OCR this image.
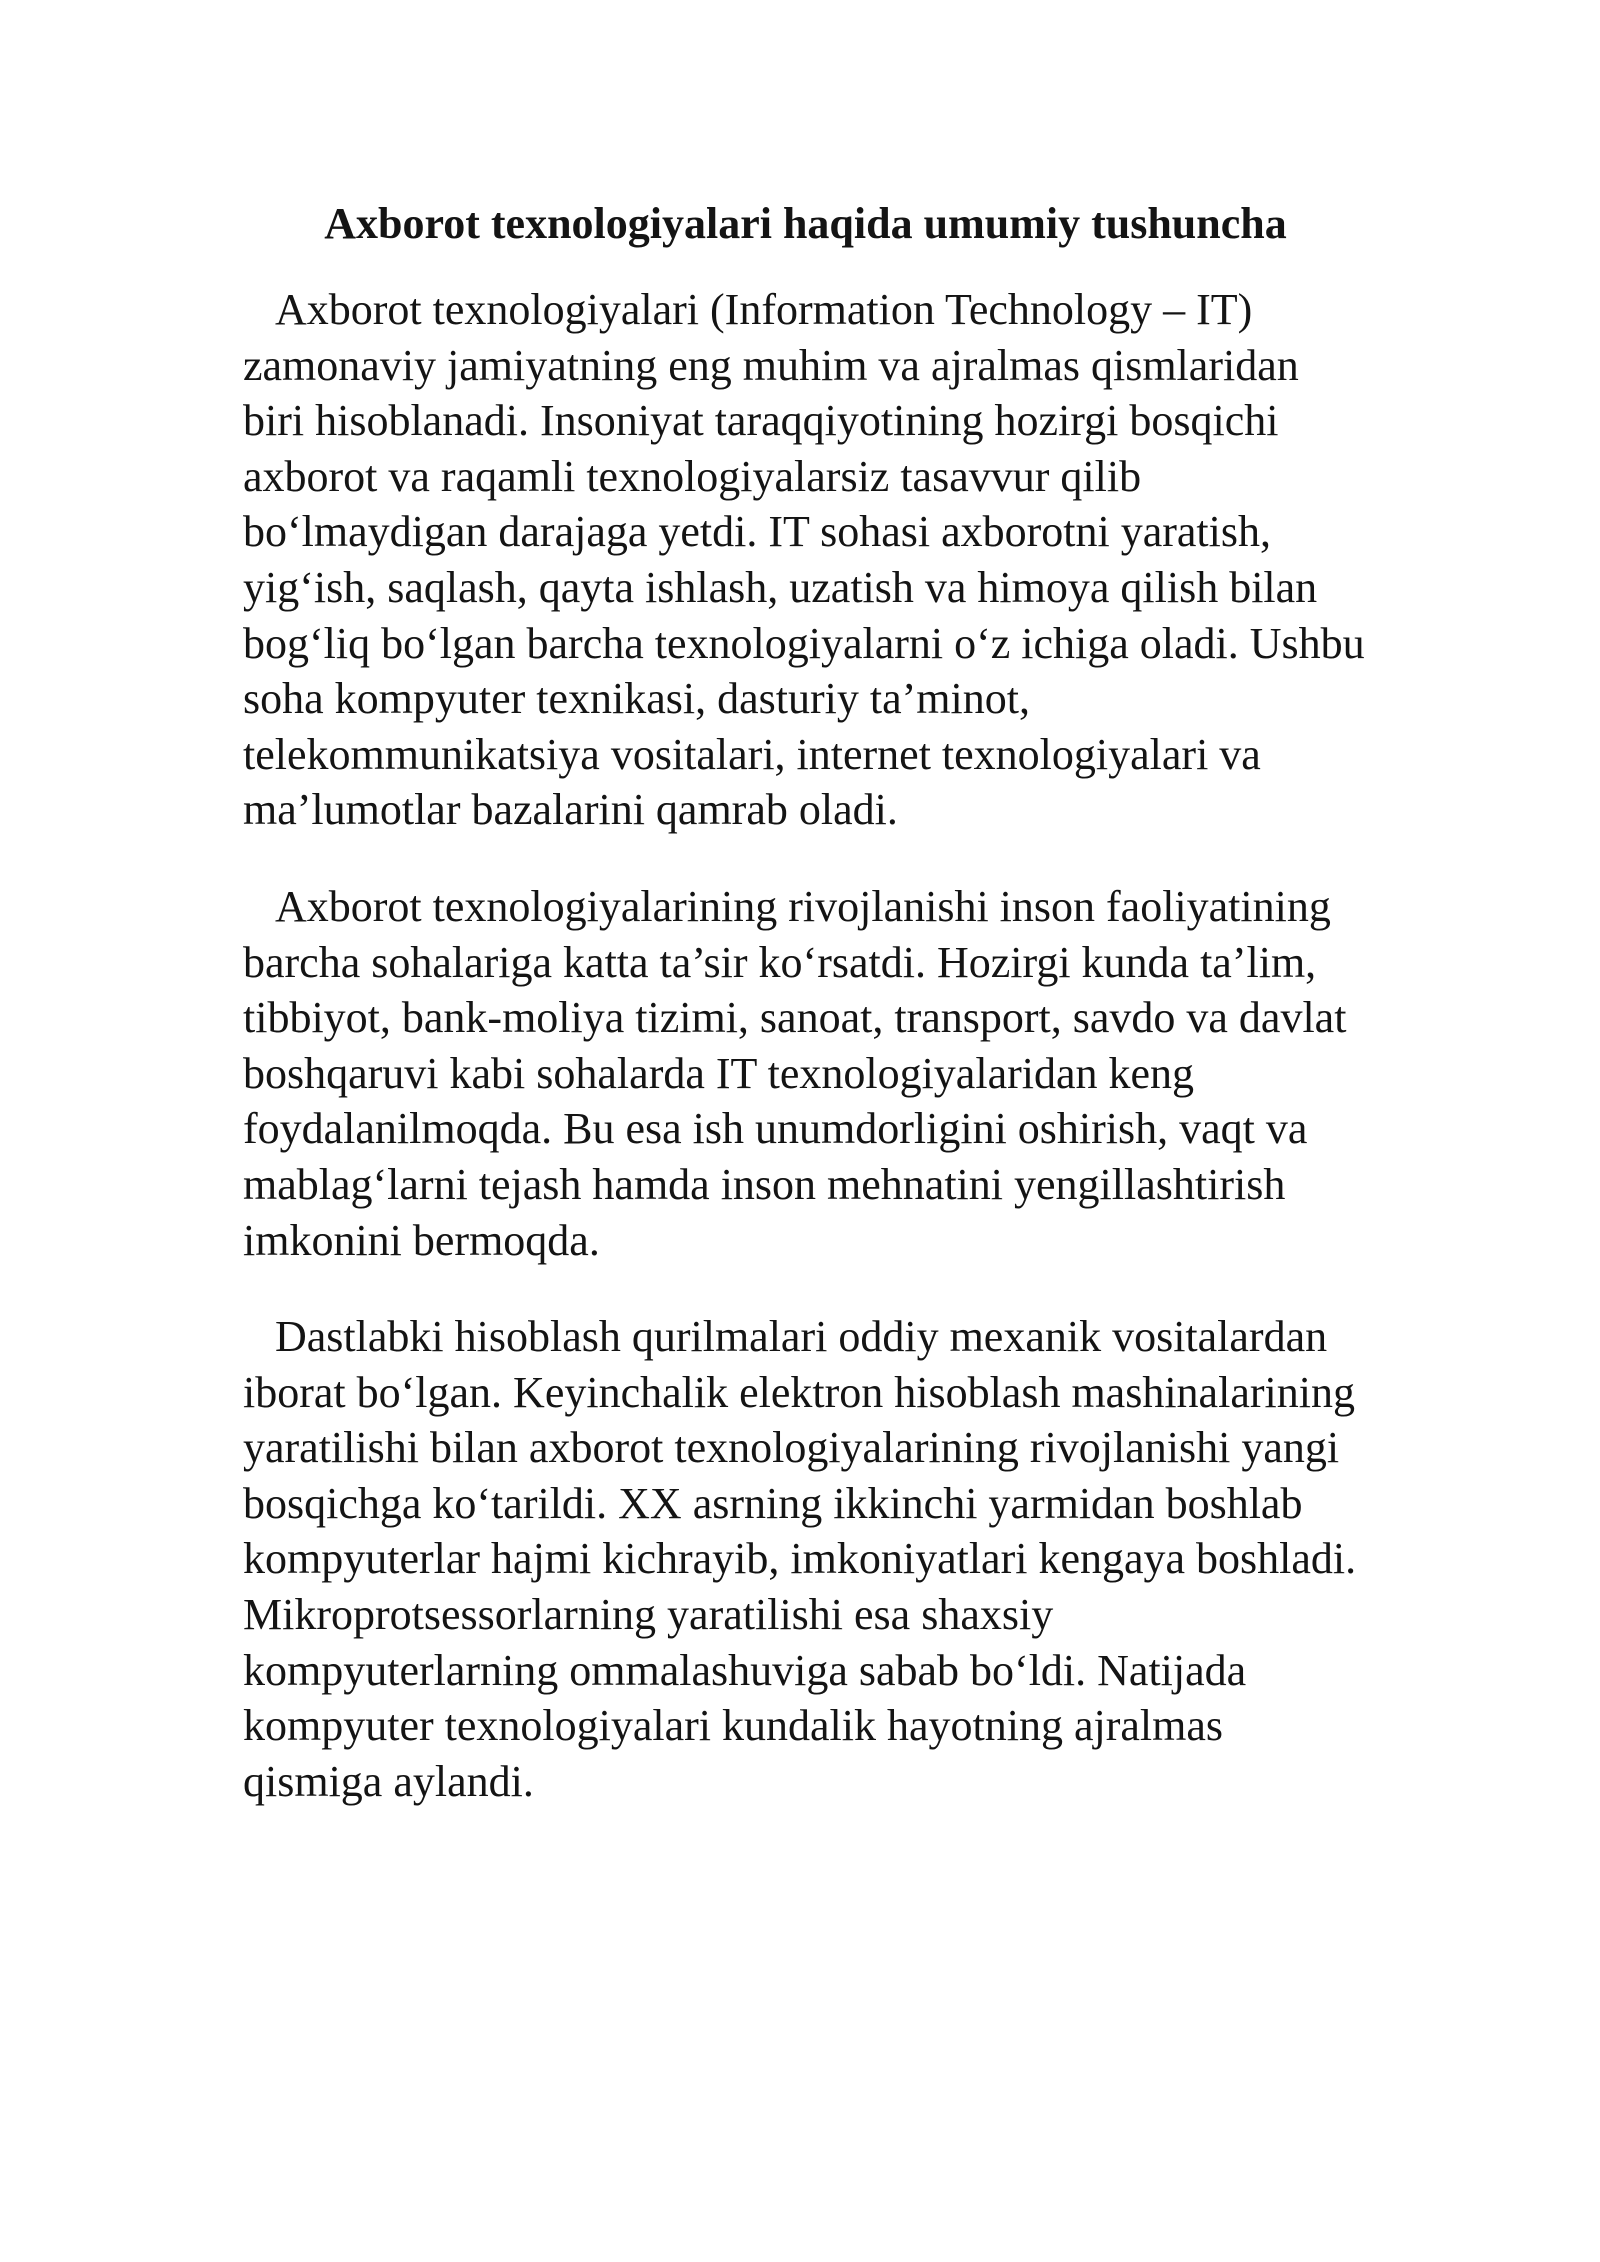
Axborot texnologiyalari haqida umumiy tushuncha

Axborot texnologiyalari (Information Technology – IT) zamonaviy jamiyatning eng muhim va ajralmas qismlaridan biri hisoblanadi. Insoniyat taraqqiyotining hozirgi bosqichi axborot va raqamli texnologiyalarsiz tasavvur qilib bo‘lmaydigan darajaga yetdi. IT sohasi axborotni yaratish, yig‘ish, saqlash, qayta ishlash, uzatish va himoya qilish bilan bog‘liq bo‘lgan barcha texnologiyalarni o‘z ichiga oladi. Ushbu soha kompyuter texnikasi, dasturiy ta’minot, telekommunikatsiya vositalari, internet texnologiyalari va ma’lumotlar bazalarini qamrab oladi.

Axborot texnologiyalarining rivojlanishi inson faoliyatining barcha sohalariga katta ta’sir ko‘rsatdi. Hozirgi kunda ta’lim, tibbiyot, bank-moliya tizimi, sanoat, transport, savdo va davlat boshqaruvi kabi sohalarda IT texnologiyalaridan keng foydalanilmoqda. Bu esa ish unumdorligini oshirish, vaqt va mablag‘larni tejash hamda inson mehnatini yengillashtirish imkonini bermoqda.

Dastlabki hisoblash qurilmalari oddiy mexanik vositalardan iborat bo‘lgan. Keyinchalik elektron hisoblash mashinalarining yaratilishi bilan axborot texnologiyalarining rivojlanishi yangi bosqichga ko‘tarildi. XX asrning ikkinchi yarmidan boshlab kompyuterlar hajmi kichrayib, imkoniyatlari kengaya boshladi. Mikroprotsessorlarning yaratilishi esa shaxsiy kompyuterlarning ommalashuviga sabab bo‘ldi. Natijada kompyuter texnologiyalari kundalik hayotning ajralmas qismiga aylandi.
